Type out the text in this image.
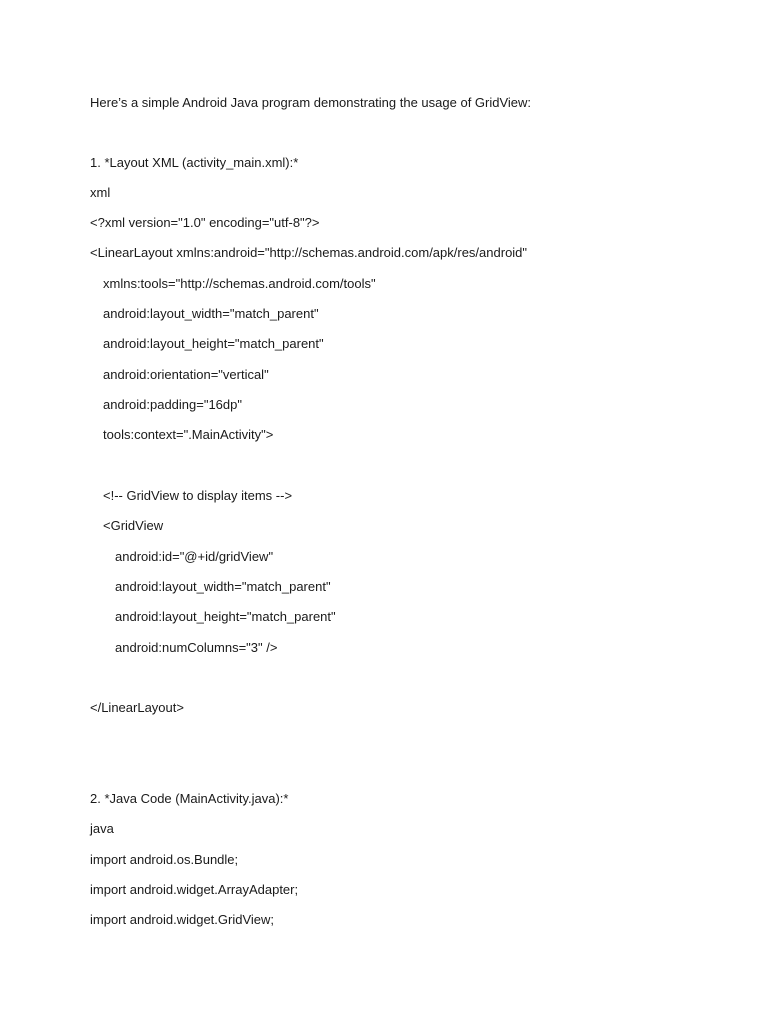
Here’s a simple Android Java program demonstrating the usage of GridView:
1. *Layout XML (activity_main.xml):*
xml
<?xml version="1.0" encoding="utf-8"?>
<LinearLayout xmlns:android="http://schemas.android.com/apk/res/android"
xmlns:tools="http://schemas.android.com/tools"
android:layout_width="match_parent"
android:layout_height="match_parent"
android:orientation="vertical"
android:padding="16dp"
tools:context=".MainActivity">
<!-- GridView to display items -->
<GridView
android:id="@+id/gridView"
android:layout_width="match_parent"
android:layout_height="match_parent"
android:numColumns="3" />
</LinearLayout>
2. *Java Code (MainActivity.java):*
java
import android.os.Bundle;
import android.widget.ArrayAdapter;
import android.widget.GridView;
